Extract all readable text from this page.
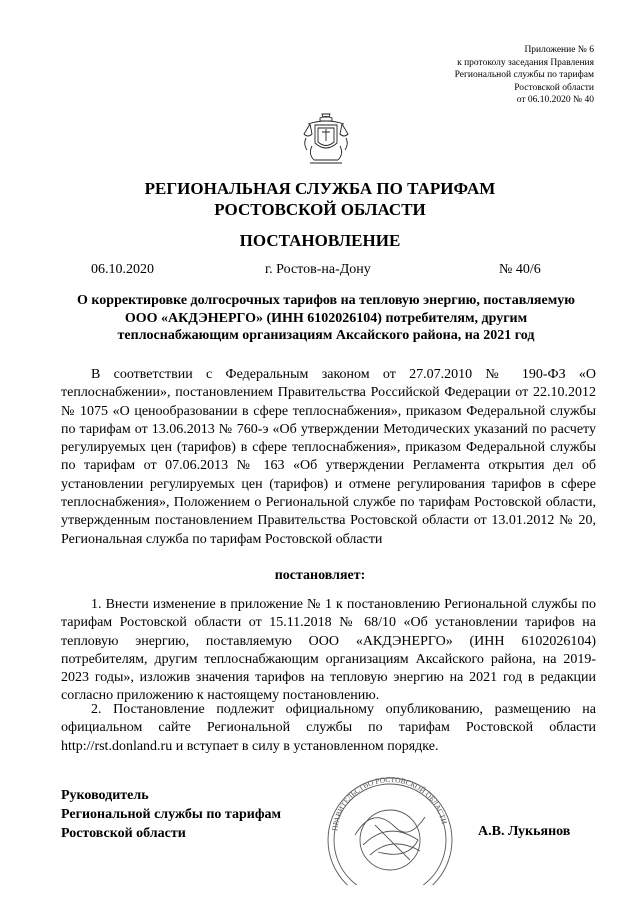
Приложение № 6
к протоколу заседания Правления
Региональной службы по тарифам
Ростовской области
от 06.10.2020 № 40
РЕГИОНАЛЬНАЯ СЛУЖБА ПО ТАРИФАМ
РОСТОВСКОЙ ОБЛАСТИ
ПОСТАНОВЛЕНИЕ
06.10.2020	г. Ростов-на-Дону	№ 40/6
О корректировке долгосрочных тарифов на тепловую энергию, поставляемую ООО «АКДЭНЕРГО» (ИНН 6102026104) потребителям, другим теплоснабжающим организациям Аксайского района, на 2021 год

В соответствии с Федеральным законом от 27.07.2010 № 190-ФЗ «О теплоснабжении», постановлением Правительства Российской Федерации от 22.10.2012 № 1075 «О ценообразовании в сфере теплоснабжения», приказом Федеральной службы по тарифам от 13.06.2013 № 760-э «Об утверждении Методических указаний по расчету регулируемых цен (тарифов) в сфере теплоснабжения», приказом Федеральной службы по тарифам от 07.06.2013 № 163 «Об утверждении Регламента открытия дел об установлении регулируемых цен (тарифов) и отмене регулирования тарифов в сфере теплоснабжения», Положением о Региональной службе по тарифам Ростовской области, утвержденным постановлением Правительства Ростовской области от 13.01.2012 № 20, Региональная служба по тарифам Ростовской области

постановляет:

1. Внести изменение в приложение № 1 к постановлению Региональной службы по тарифам Ростовской области от 15.11.2018 № 68/10 «Об установлении тарифов на тепловую энергию, поставляемую ООО «АКДЭНЕРГО» (ИНН 6102026104) потребителям, другим теплоснабжающим организациям Аксайского района, на 2019-2023 годы», изложив значения тарифов на тепловую энергию на 2021 год в редакции согласно приложению к настоящему постановлению.

2. Постановление подлежит официальному опубликованию, размещению на официальном сайте Региональной службы по тарифам Ростовской области http://rst.donland.ru и вступает в силу в установленном порядке.

ПРАВИТЕЛЬСТВО РОСТОВСКОЙ ОБЛАСТИ
Руководитель
Региональной службы по тарифам
Ростовской области	А.В. Лукьянов
